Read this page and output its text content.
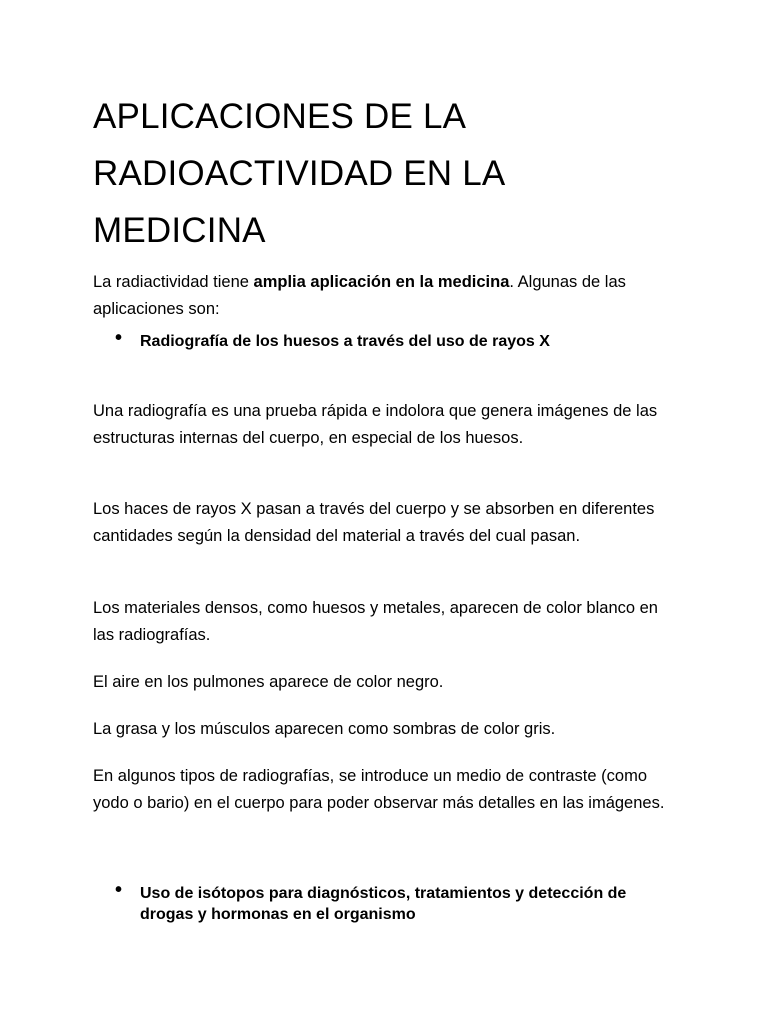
APLICACIONES DE LA
RADIOACTIVIDAD EN LA
MEDICINA

La radiactividad tiene amplia aplicación en la medicina. Algunas de las aplicaciones son:

• Radiografía de los huesos a través del uso de rayos X

Una radiografía es una prueba rápida e indolora que genera imágenes de las estructuras internas del cuerpo, en especial de los huesos.

Los haces de rayos X pasan a través del cuerpo y se absorben en diferentes cantidades según la densidad del material a través del cual pasan.

Los materiales densos, como huesos y metales, aparecen de color blanco en las radiografías.

El aire en los pulmones aparece de color negro.

La grasa y los músculos aparecen como sombras de color gris.

En algunos tipos de radiografías, se introduce un medio de contraste (como yodo o bario) en el cuerpo para poder observar más detalles en las imágenes.

• Uso de isótopos para diagnósticos, tratamientos y detección de drogas y hormonas en el organismo
